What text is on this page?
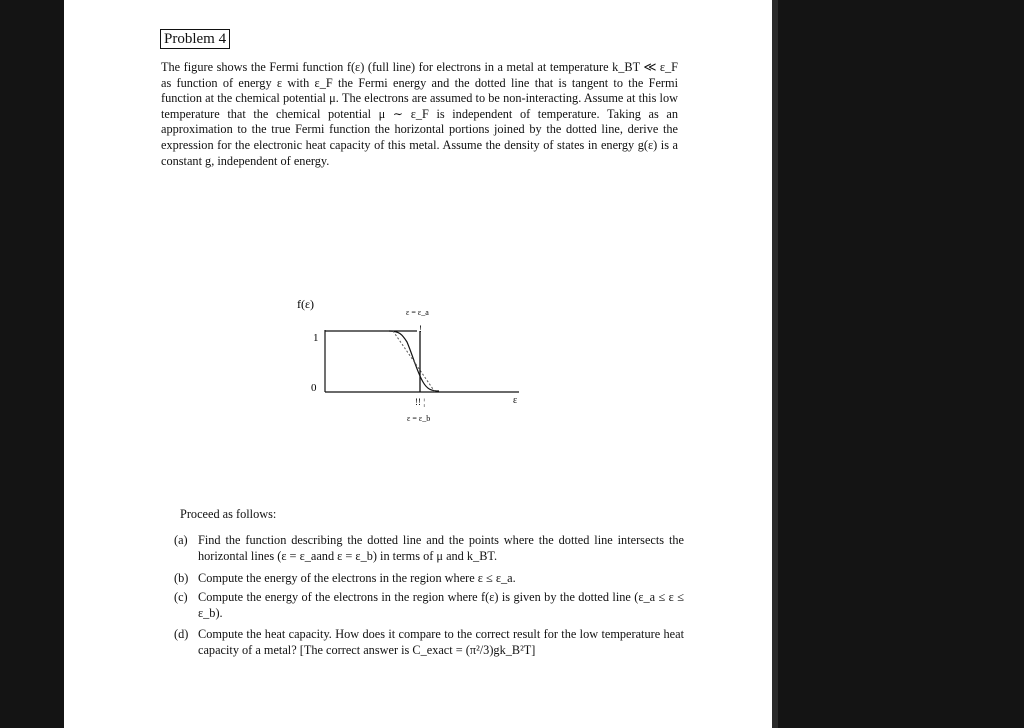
Problem 4
The figure shows the Fermi function f(ε) (full line) for electrons in a metal at temperature k_BT ≪ ε_F as function of energy ε with ε_F the Fermi energy and the dotted line that is tangent to the Fermi function at the chemical potential μ. The electrons are assumed to be non-interacting. Assume at this low temperature that the chemical potential μ ∼ ε_F is independent of temperature. Taking as an approximation to the true Fermi function the horizontal portions joined by the dotted line, derive the expression for the electronic heat capacity of this metal. Assume the density of states in energy g(ε) is a constant g, independent of energy.
f(ε)
1
0
ε = ε_a
!
ε
!! ¦
ε = ε_b
Proceed as follows:
(a) Find the function describing the dotted line and the points where the dotted line intersects the horizontal lines (ε = ε_aand ε = ε_b) in terms of μ and k_BT.
(b) Compute the energy of the electrons in the region where ε ≤ ε_a.
(c) Compute the energy of the electrons in the region where f(ε) is given by the dotted line (ε_a ≤ ε ≤ ε_b).
(d) Compute the heat capacity. How does it compare to the correct result for the low temperature heat capacity of a metal? [The correct answer is C_exact = (π²/3)gk_B²T]
